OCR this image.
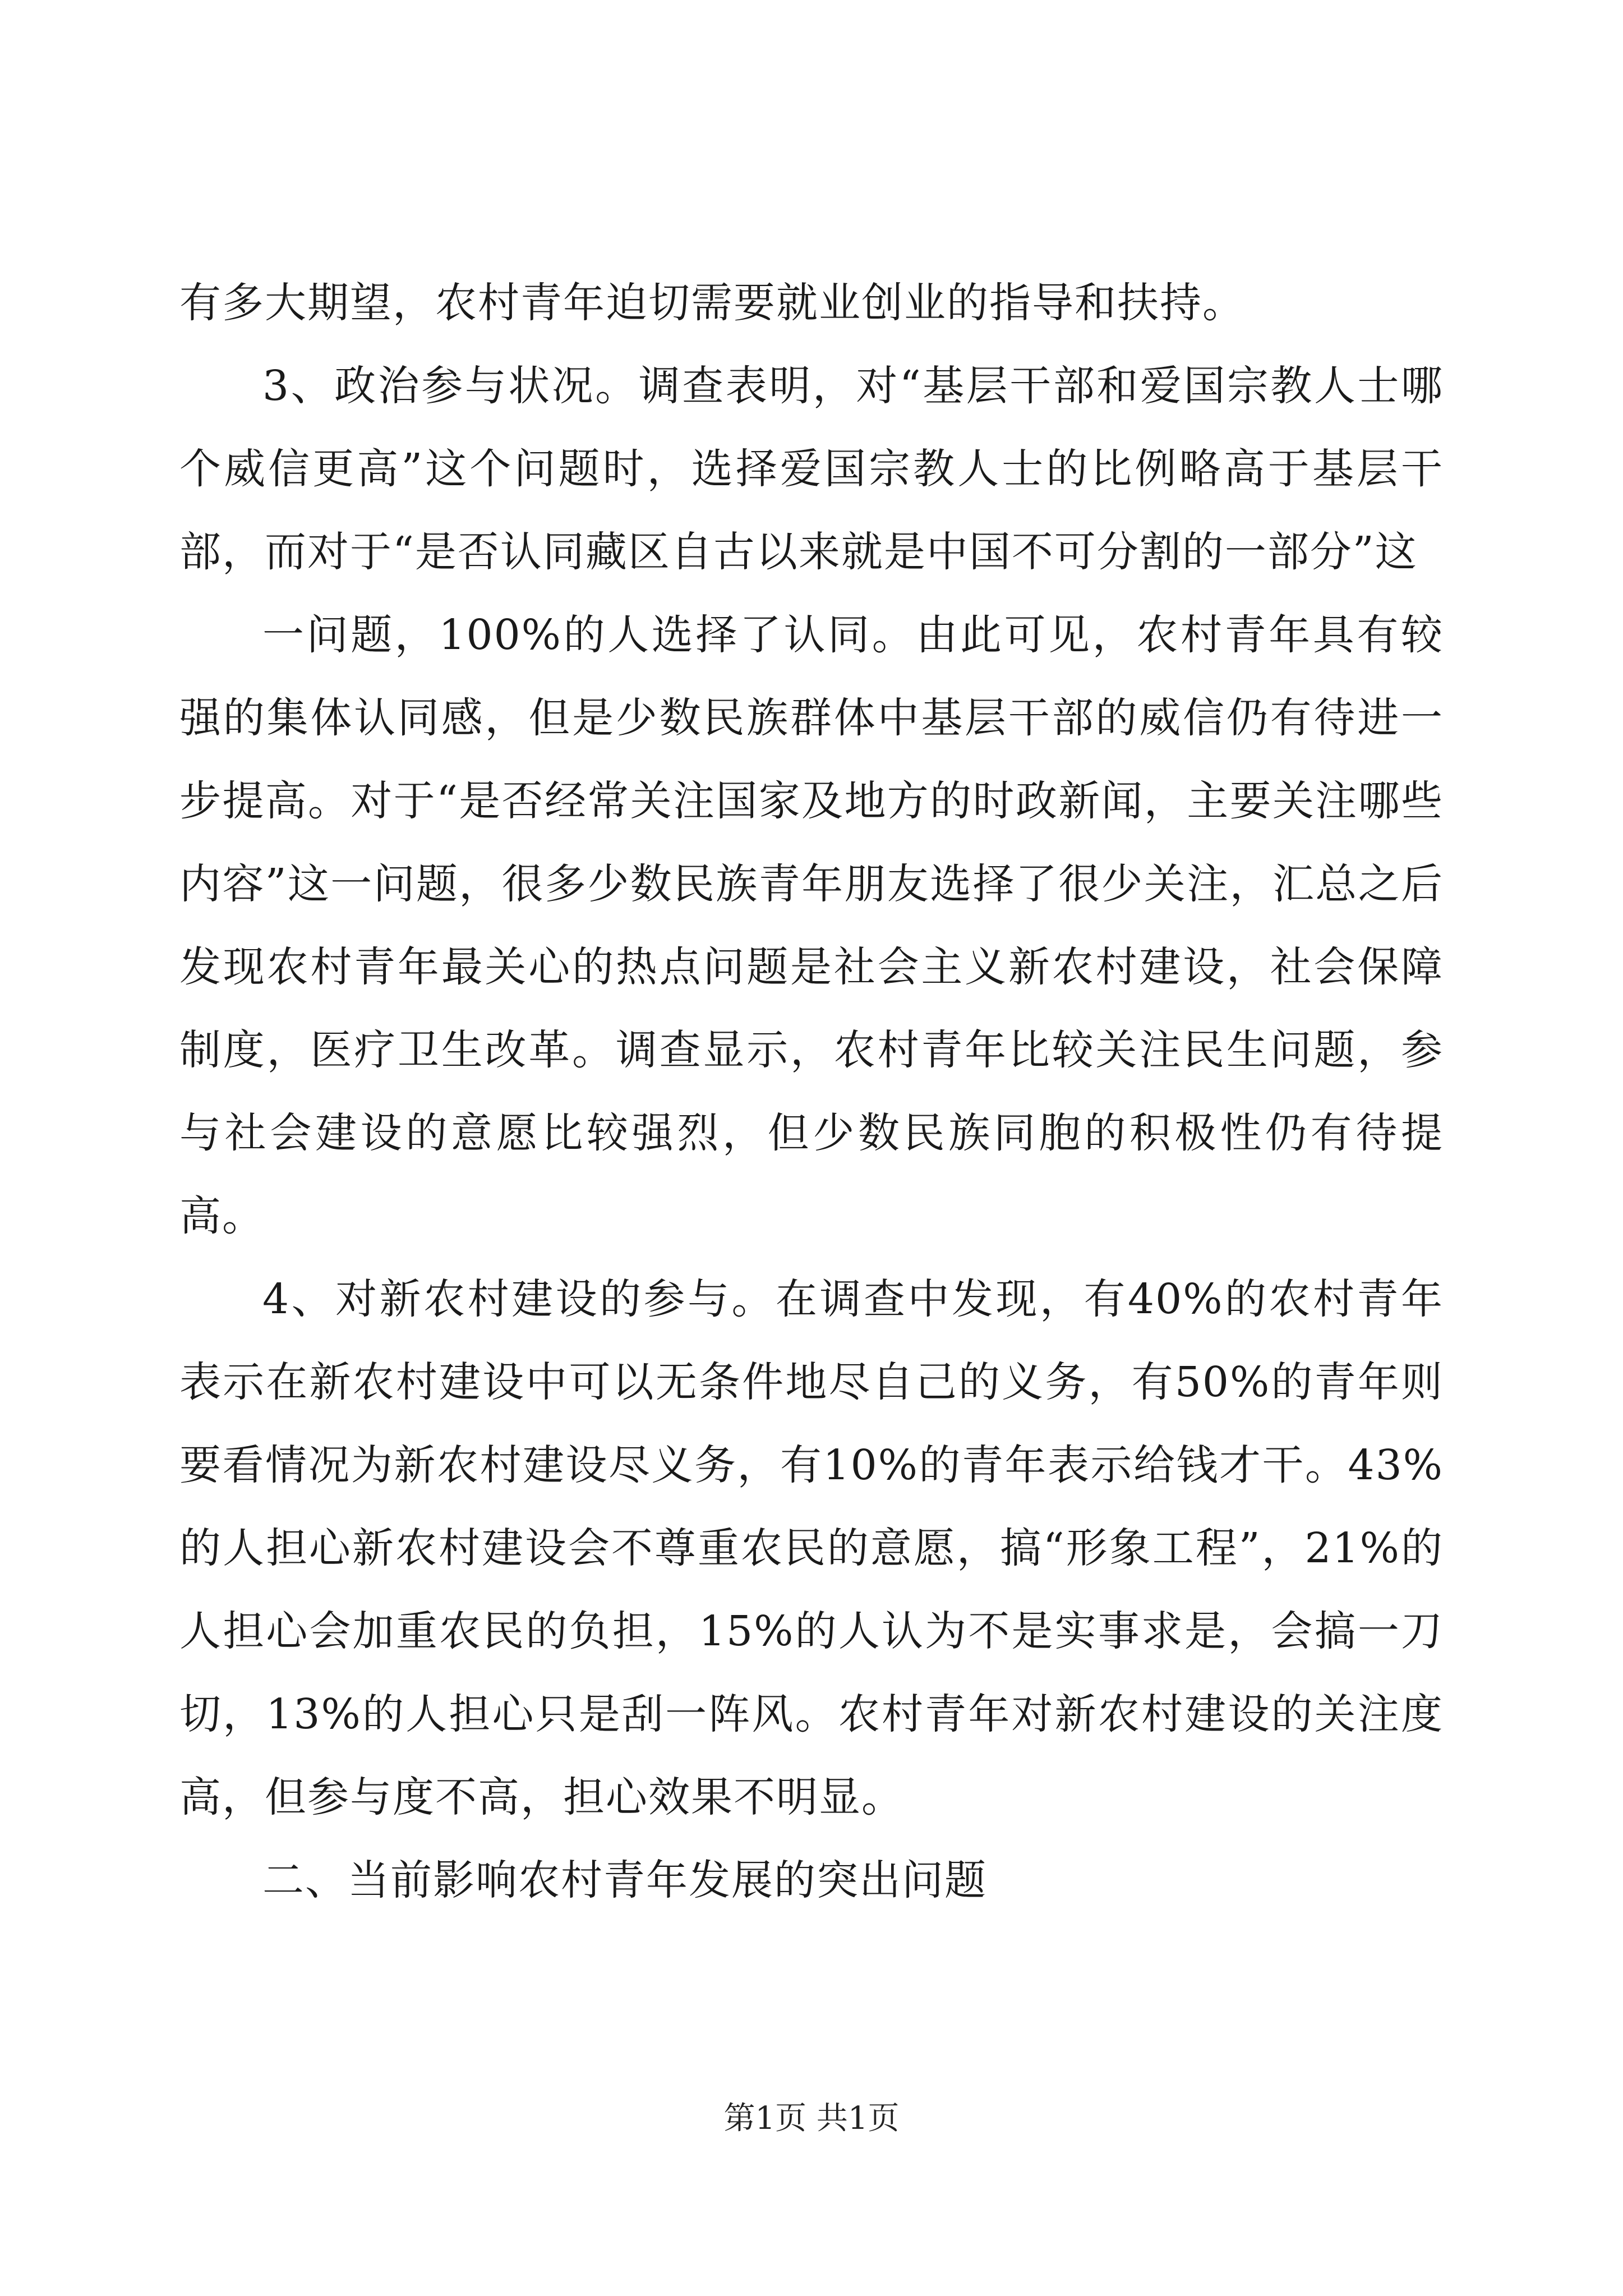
有多大期望，农村青年迫切需要就业创业的指导和扶持。

3、政治参与状况。调查表明，对“基层干部和爱国宗教人士哪个威信更高”这个问题时，选择爱国宗教人士的比例略高于基层干部，而对于“是否认同藏区自古以来就是中国不可分割的一部分”这

一问题，100%的人选择了认同。由此可见，农村青年具有较强的集体认同感，但是少数民族群体中基层干部的威信仍有待进一步提高。对于“是否经常关注国家及地方的时政新闻，主要关注哪些内容”这一问题，很多少数民族青年朋友选择了很少关注，汇总之后发现农村青年最关心的热点问题是社会主义新农村建设，社会保障制度，医疗卫生改革。调查显示，农村青年比较关注民生问题，参与社会建设的意愿比较强烈，但少数民族同胞的积极性仍有待提高。

4、对新农村建设的参与。在调查中发现，有40%的农村青年表示在新农村建设中可以无条件地尽自己的义务，有50%的青年则要看情况为新农村建设尽义务，有10%的青年表示给钱才干。43%的人担心新农村建设会不尊重农民的意愿，搞“形象工程”，21%的人担心会加重农民的负担，15%的人认为不是实事求是，会搞一刀切，13%的人担心只是刮一阵风。农村青年对新农村建设的关注度高，但参与度不高，担心效果不明显。

二、当前影响农村青年发展的突出问题

第1页 共1页
